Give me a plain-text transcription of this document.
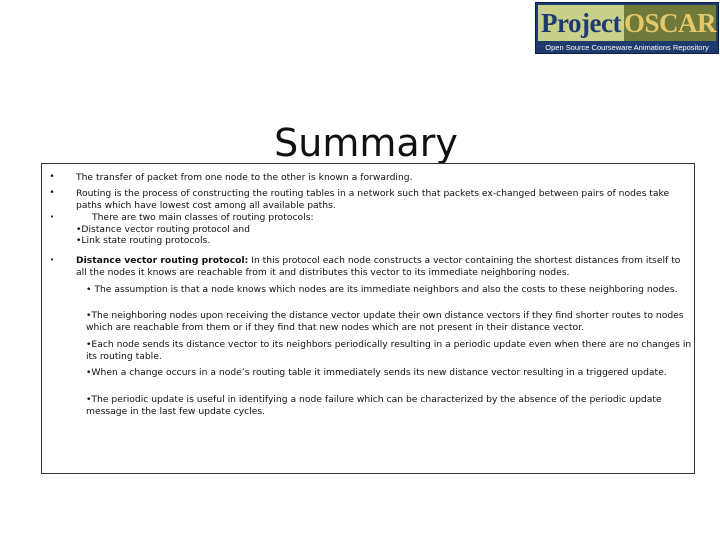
Project OSCAR
Open Source Courseware Animations Repository
Summary
• The transfer of packet from one node to the other is known a forwarding.
• Routing is the process of constructing the routing tables in a network such that packets ex-changed between pairs of nodes take paths which have lowest cost among all available paths.
•	There are two main classes of routing protocols:
•Distance vector routing protocol and
•Link state routing protocols.
• Distance vector routing protocol: In this protocol each node constructs a vector containing the shortest distances from itself to all the nodes it knows are reachable from it and distributes this vector to its immediate neighboring nodes.
• The assumption is that a node knows which nodes are its immediate neighbors and also the costs to these neighboring nodes.
•The neighboring nodes upon receiving the distance vector update their own distance vectors if they find shorter routes to nodes which are reachable from them or if they find that new nodes which are not present in their distance vector.
•Each node sends its distance vector to its neighbors periodically resulting in a periodic update even when there are no changes in its routing table.
•When a change occurs in a node’s routing table it immediately sends its new distance vector resulting in a triggered update.
•The periodic update is useful in identifying a node failure which can be characterized by the absence of the periodic update message in the last few update cycles.
